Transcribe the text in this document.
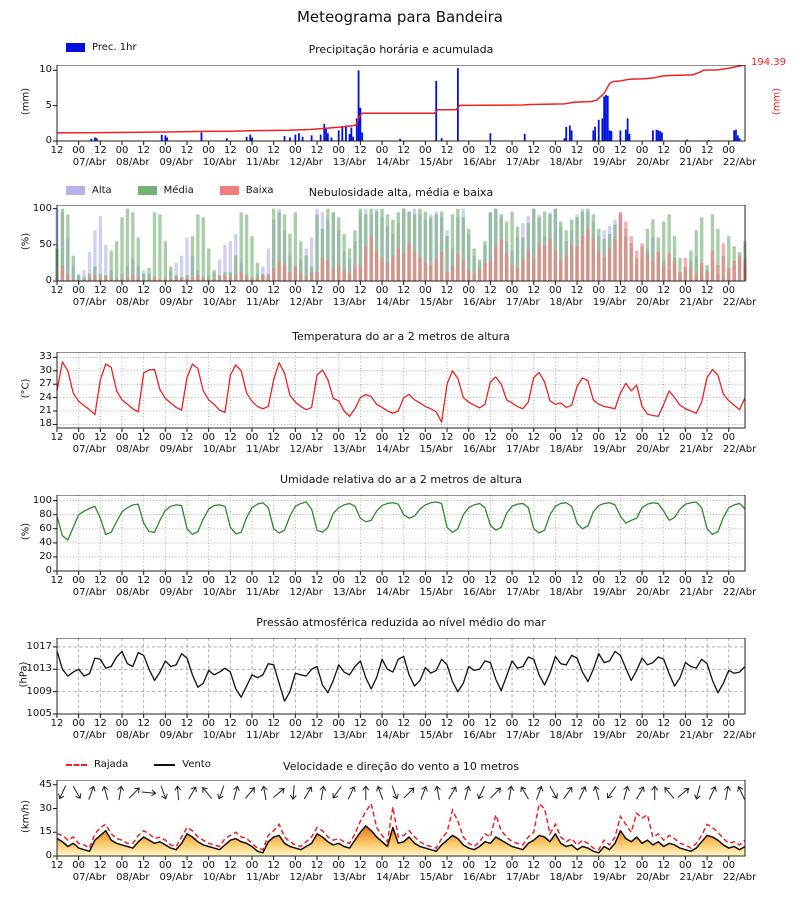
Meteograma para Bandeira
Prec. 1hr
Alta	Média	Baixa
Rajada	Vento
Precipitação horária e acumulada
Nebulosidade alta, média e baixa
Temperatura do ar a 2 metros de altura
Umidade relativa do ar a 2 metros de altura
Pressão atmosférica reduzida ao nível médio do mar
Velocidade e direção do vento a 10 metros
(mm)
(%)
(°C)
(%)
(hPa)
(km/h)
194.39
(mm)
0
5
10
12 00 12 00 12 00 12 00 12 00 12 00 12 00 12 00 12 00 12 00 12 00 12 00 12 00 12 00 12 00 12 00
07/Abr 08/Abr 09/Abr 10/Abr 11/Abr 12/Abr 13/Abr 14/Abr 15/Abr 16/Abr 17/Abr 18/Abr 19/Abr 20/Abr 21/Abr 22/Abr
0
50
100
12 00 12 00 12 00 12 00 12 00 12 00 12 00 12 00 12 00 12 00 12 00 12 00 12 00 12 00 12 00 12 00
07/Abr 08/Abr 09/Abr 10/Abr 11/Abr 12/Abr 13/Abr 14/Abr 15/Abr 16/Abr 17/Abr 18/Abr 19/Abr 20/Abr 21/Abr 22/Abr
18
21
24
27
30
33
12 00 12 00 12 00 12 00 12 00 12 00 12 00 12 00 12 00 12 00 12 00 12 00 12 00 12 00 12 00 12 00
07/Abr 08/Abr 09/Abr 10/Abr 11/Abr 12/Abr 13/Abr 14/Abr 15/Abr 16/Abr 17/Abr 18/Abr 19/Abr 20/Abr 21/Abr 22/Abr
0
20
40
60
80
100
12 00 12 00 12 00 12 00 12 00 12 00 12 00 12 00 12 00 12 00 12 00 12 00 12 00 12 00 12 00 12 00
07/Abr 08/Abr 09/Abr 10/Abr 11/Abr 12/Abr 13/Abr 14/Abr 15/Abr 16/Abr 17/Abr 18/Abr 19/Abr 20/Abr 21/Abr 22/Abr
1005
1009
1013
1017
12 00 12 00 12 00 12 00 12 00 12 00 12 00 12 00 12 00 12 00 12 00 12 00 12 00 12 00 12 00 12 00
07/Abr 08/Abr 09/Abr 10/Abr 11/Abr 12/Abr 13/Abr 14/Abr 15/Abr 16/Abr 17/Abr 18/Abr 19/Abr 20/Abr 21/Abr 22/Abr
0
15
30
45
12 00 12 00 12 00 12 00 12 00 12 00 12 00 12 00 12 00 12 00 12 00 12 00 12 00 12 00 12 00 12 00
07/Abr 08/Abr 09/Abr 10/Abr 11/Abr 12/Abr 13/Abr 14/Abr 15/Abr 16/Abr 17/Abr 18/Abr 19/Abr 20/Abr 21/Abr 22/Abr
